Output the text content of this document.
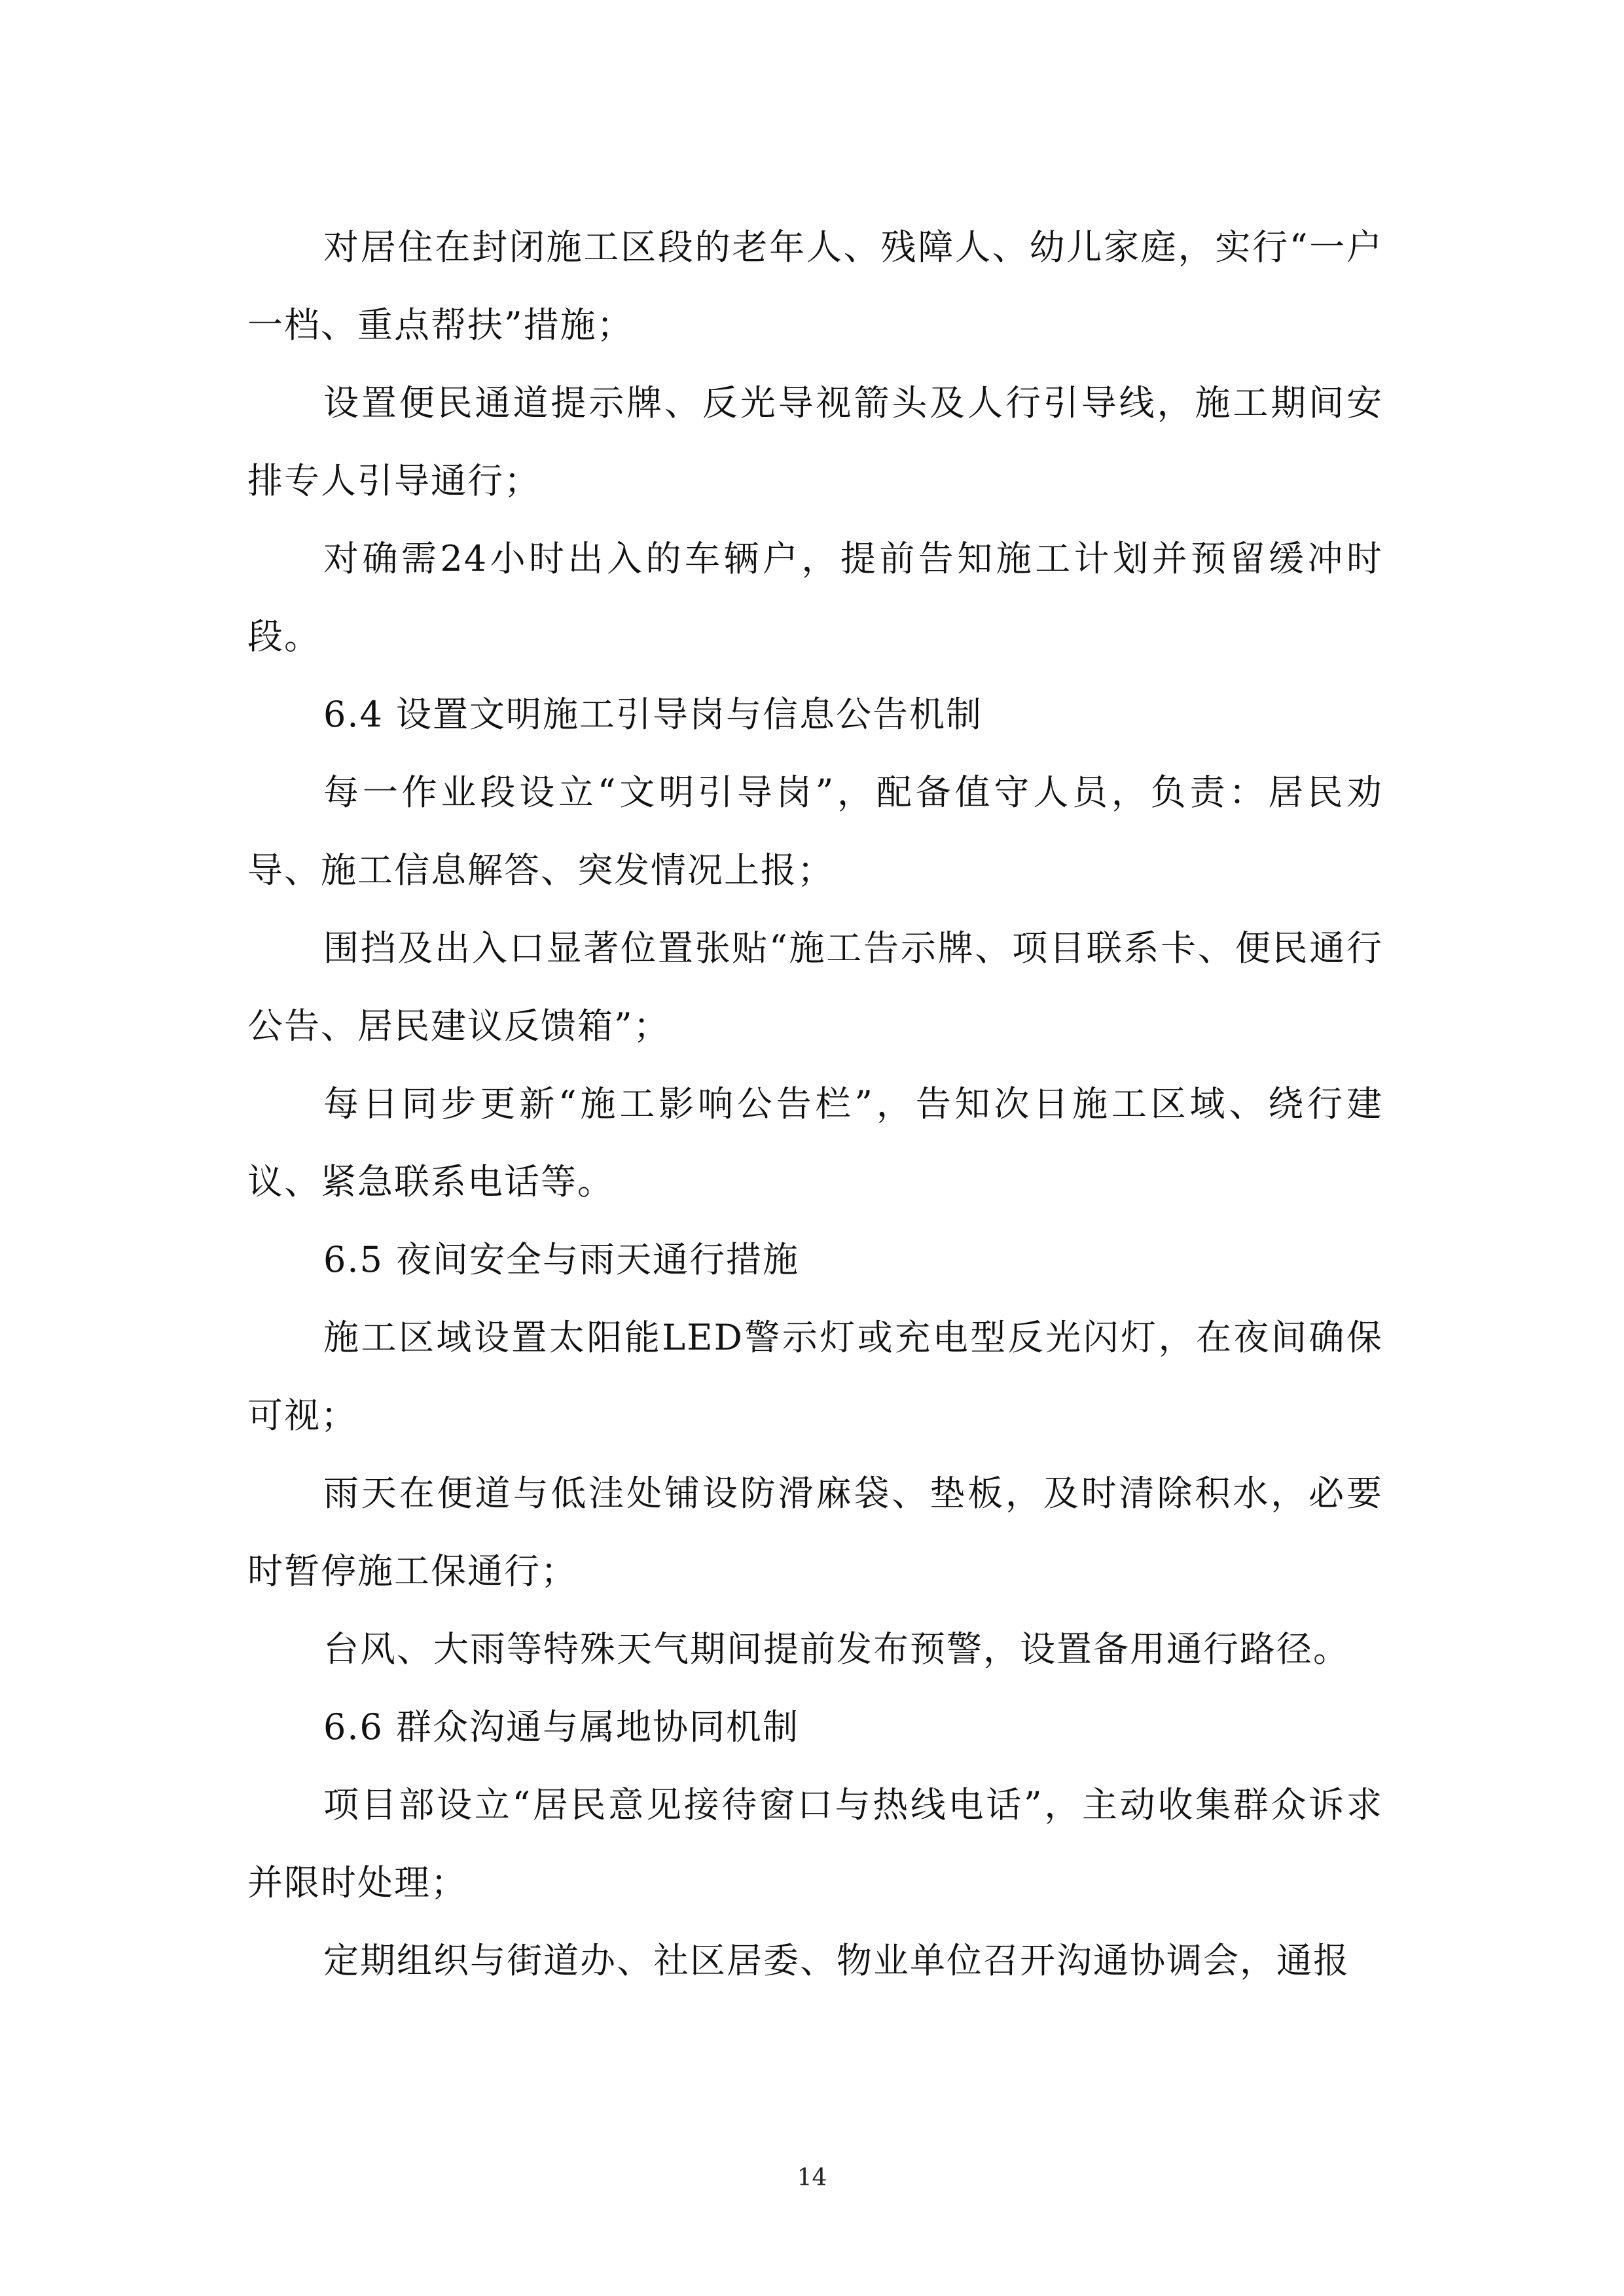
对居住在封闭施工区段的老年人、残障人、幼儿家庭，实行“一户一档、重点帮扶”措施；

设置便民通道提示牌、反光导视箭头及人行引导线，施工期间安排专人引导通行；

对确需24小时出入的车辆户，提前告知施工计划并预留缓冲时段。

6.4 设置文明施工引导岗与信息公告机制

每一作业段设立“文明引导岗”，配备值守人员，负责：居民劝导、施工信息解答、突发情况上报；

围挡及出入口显著位置张贴“施工告示牌、项目联系卡、便民通行公告、居民建议反馈箱”；

每日同步更新“施工影响公告栏”，告知次日施工区域、绕行建议、紧急联系电话等。

6.5 夜间安全与雨天通行措施

施工区域设置太阳能LED警示灯或充电型反光闪灯，在夜间确保可视；

雨天在便道与低洼处铺设防滑麻袋、垫板，及时清除积水，必要时暂停施工保通行；

台风、大雨等特殊天气期间提前发布预警，设置备用通行路径。

6.6 群众沟通与属地协同机制

项目部设立“居民意见接待窗口与热线电话”，主动收集群众诉求并限时处理；

定期组织与街道办、社区居委、物业单位召开沟通协调会，通报

14
